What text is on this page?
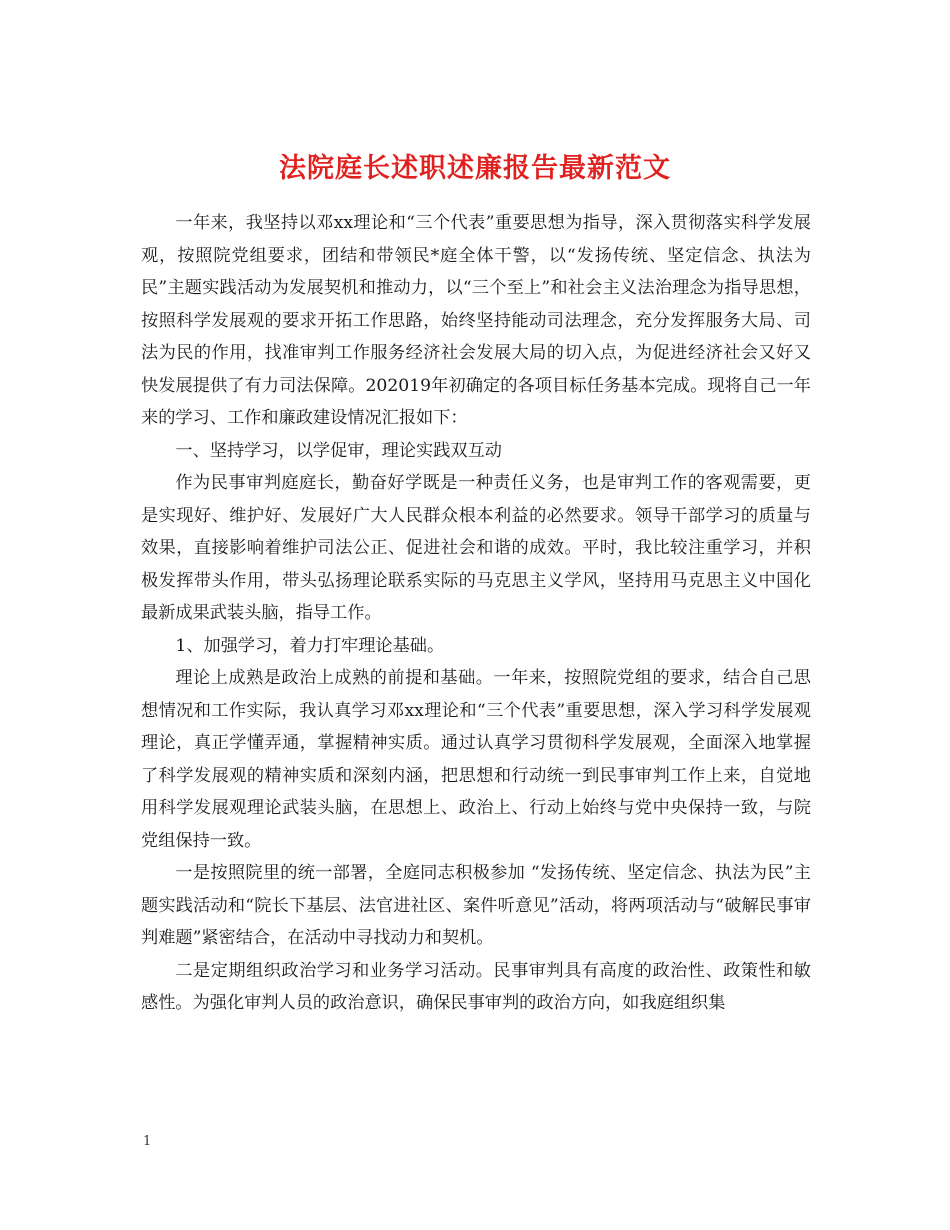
法院庭长述职述廉报告最新范文

一年来，我坚持以邓xx理论和“三个代表”重要思想为指导，深入贯彻落实科学发展观，按照院党组要求，团结和带领民*庭全体干警，以“发扬传统、坚定信念、执法为民”主题实践活动为发展契机和推动力，以“三个至上”和社会主义法治理念为指导思想，按照科学发展观的要求开拓工作思路，始终坚持能动司法理念，充分发挥服务大局、司法为民的作用，找准审判工作服务经济社会发展大局的切入点，为促进经济社会又好又快发展提供了有力司法保障。202019年初确定的各项目标任务基本完成。现将自己一年来的学习、工作和廉政建设情况汇报如下：

一、坚持学习，以学促审，理论实践双互动

作为民事审判庭庭长，勤奋好学既是一种责任义务，也是审判工作的客观需要，更是实现好、维护好、发展好广大人民群众根本利益的必然要求。领导干部学习的质量与效果，直接影响着维护司法公正、促进社会和谐的成效。平时，我比较注重学习，并积极发挥带头作用，带头弘扬理论联系实际的马克思主义学风，坚持用马克思主义中国化最新成果武装头脑，指导工作。

1、加强学习，着力打牢理论基础。

理论上成熟是政治上成熟的前提和基础。一年来，按照院党组的要求，结合自己思想情况和工作实际，我认真学习邓xx理论和“三个代表”重要思想，深入学习科学发展观理论，真正学懂弄通，掌握精神实质。通过认真学习贯彻科学发展观，全面深入地掌握了科学发展观的精神实质和深刻内涵，把思想和行动统一到民事审判工作上来，自觉地用科学发展观理论武装头脑，在思想上、政治上、行动上始终与党中央保持一致，与院党组保持一致。

一是按照院里的统一部署，全庭同志积极参加 “发扬传统、坚定信念、执法为民”主题实践活动和“院长下基层、法官进社区、案件听意见”活动，将两项活动与“破解民事审判难题”紧密结合，在活动中寻找动力和契机。

二是定期组织政治学习和业务学习活动。民事审判具有高度的政治性、政策性和敏感性。为强化审判人员的政治意识，确保民事审判的政治方向，如我庭组织集

1
